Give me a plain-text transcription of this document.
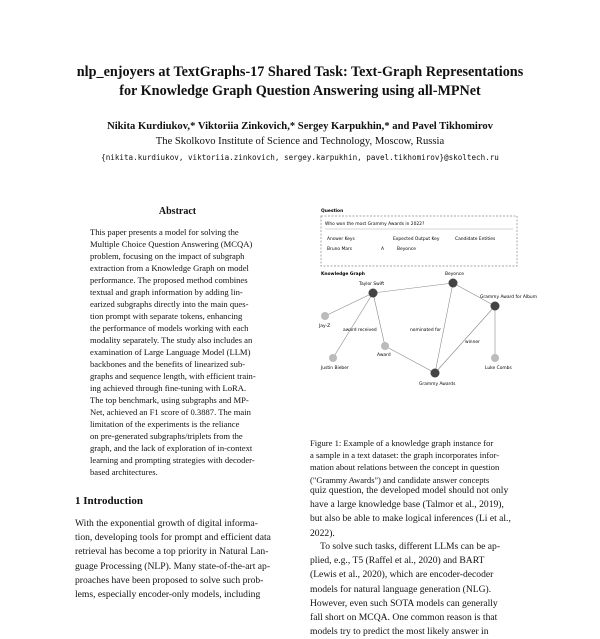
nlp_enjoyers at TextGraphs-17 Shared Task: Text-Graph Representations
for Knowledge Graph Question Answering using all-MPNet
Nikita Kurdiukov,* Viktoriia Zinkovich,* Sergey Karpukhin,* and Pavel Tikhomirov
The Skolkovo Institute of Science and Technology, Moscow, Russia
{nikita.kurdiukov, viktoriia.zinkovich, sergey.karpukhin, pavel.tikhomirov}@skoltech.ru
Abstract
This paper presents a model for solving the
Multiple Choice Question Answering (MCQA)
problem, focusing on the impact of subgraph
extraction from a Knowledge Graph on model
performance. The proposed method combines
textual and graph information by adding lin-
earized subgraphs directly into the main ques-
tion prompt with separate tokens, enhancing
the performance of models working with each
modality separately. The study also includes an
examination of Large Language Model (LLM)
backbones and the benefits of linearized sub-
graphs and sequence length, with efficient train-
ing achieved through fine-tuning with LoRA.
The top benchmark, using subgraphs and MP-
Net, achieved an F1 score of 0.3887. The main
limitation of the experiments is the reliance
on pre-generated subgraphs/triplets from the
graph, and the lack of exploration of in-context
learning and prompting strategies with decoder-
based architectures.
1 Introduction
With the exponential growth of digital informa-
tion, developing tools for prompt and efficient data
retrieval has become a top priority in Natural Lan-
guage Processing (NLP). Many state-of-the-art ap-
proaches have been proposed to solve such prob-
lems, especially encoder-only models, including
Question
Who won the most Grammy Awards in 2022?
Answer Keys	Expected Output Key	Candidate Entities
Bruno Mars	A	Beyonce
Knowledge Graph
nominated for
award received
winner
Beyonce
Taylor Swift
Grammy Award for Album
Grammy Awards
Jay-Z
Justin Bieber	Luke Combs
Award
Figure 1: Example of a knowledge graph instance for
a sample in a text dataset: the graph incorporates infor-
mation about relations between the concept in question
("Grammy Awards") and candidate answer concepts
quiz question, the developed model should not only
have a large knowledge base (Talmor et al., 2019),
but also be able to make logical inferences (Li et al.,
2022).
To solve such tasks, different LLMs can be ap-
plied, e.g., T5 (Raffel et al., 2020) and BART
(Lewis et al., 2020), which are encoder-decoder
models for natural language generation (NLG).
However, even such SOTA models can generally
fall short on MCQA. One common reason is that
models try to predict the most likely answer in
